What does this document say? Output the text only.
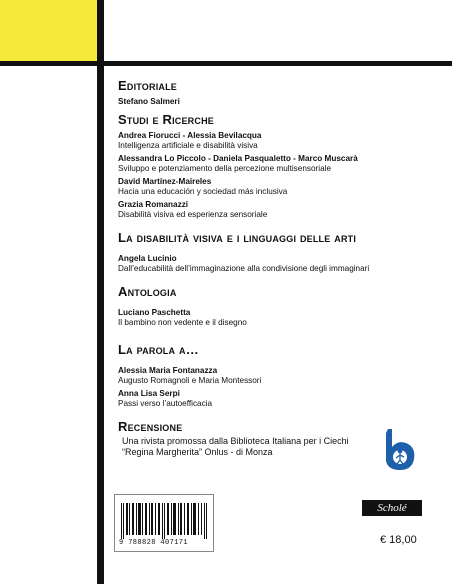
Editoriale

Stefano Salmeri

Studi e Ricerche

Andrea Fiorucci - Alessia Bevilacqua

Intelligenza artificiale e disabilità visiva

Alessandra Lo Piccolo - Daniela Pasqualetto - Marco Muscarà

Sviluppo e potenziamento della percezione multisensoriale

David Martínez-Maireles

Hacia una educación y sociedad más inclusiva

Grazia Romanazzi

Disabilità visiva ed esperienza sensoriale

La disabilità visiva e i linguaggi delle arti

Angela Lucinio

Dall’educabilità dell’immaginazione alla condivisione degli immaginari

Antologia

Luciano Paschetta

Il bambino non vedente e il disegno

La parola a…

Alessia Maria Fontanazza

Augusto Romagnoli e Maria Montessori

Anna Lisa Serpi

Passi verso l’autoefficacia

Recensione

Una rivista promossa dalla Biblioteca Italiana per i Ciechi
“Regina Margherita” Onlus - di Monza
9 788828 407171
Scholé
€ 18,00
